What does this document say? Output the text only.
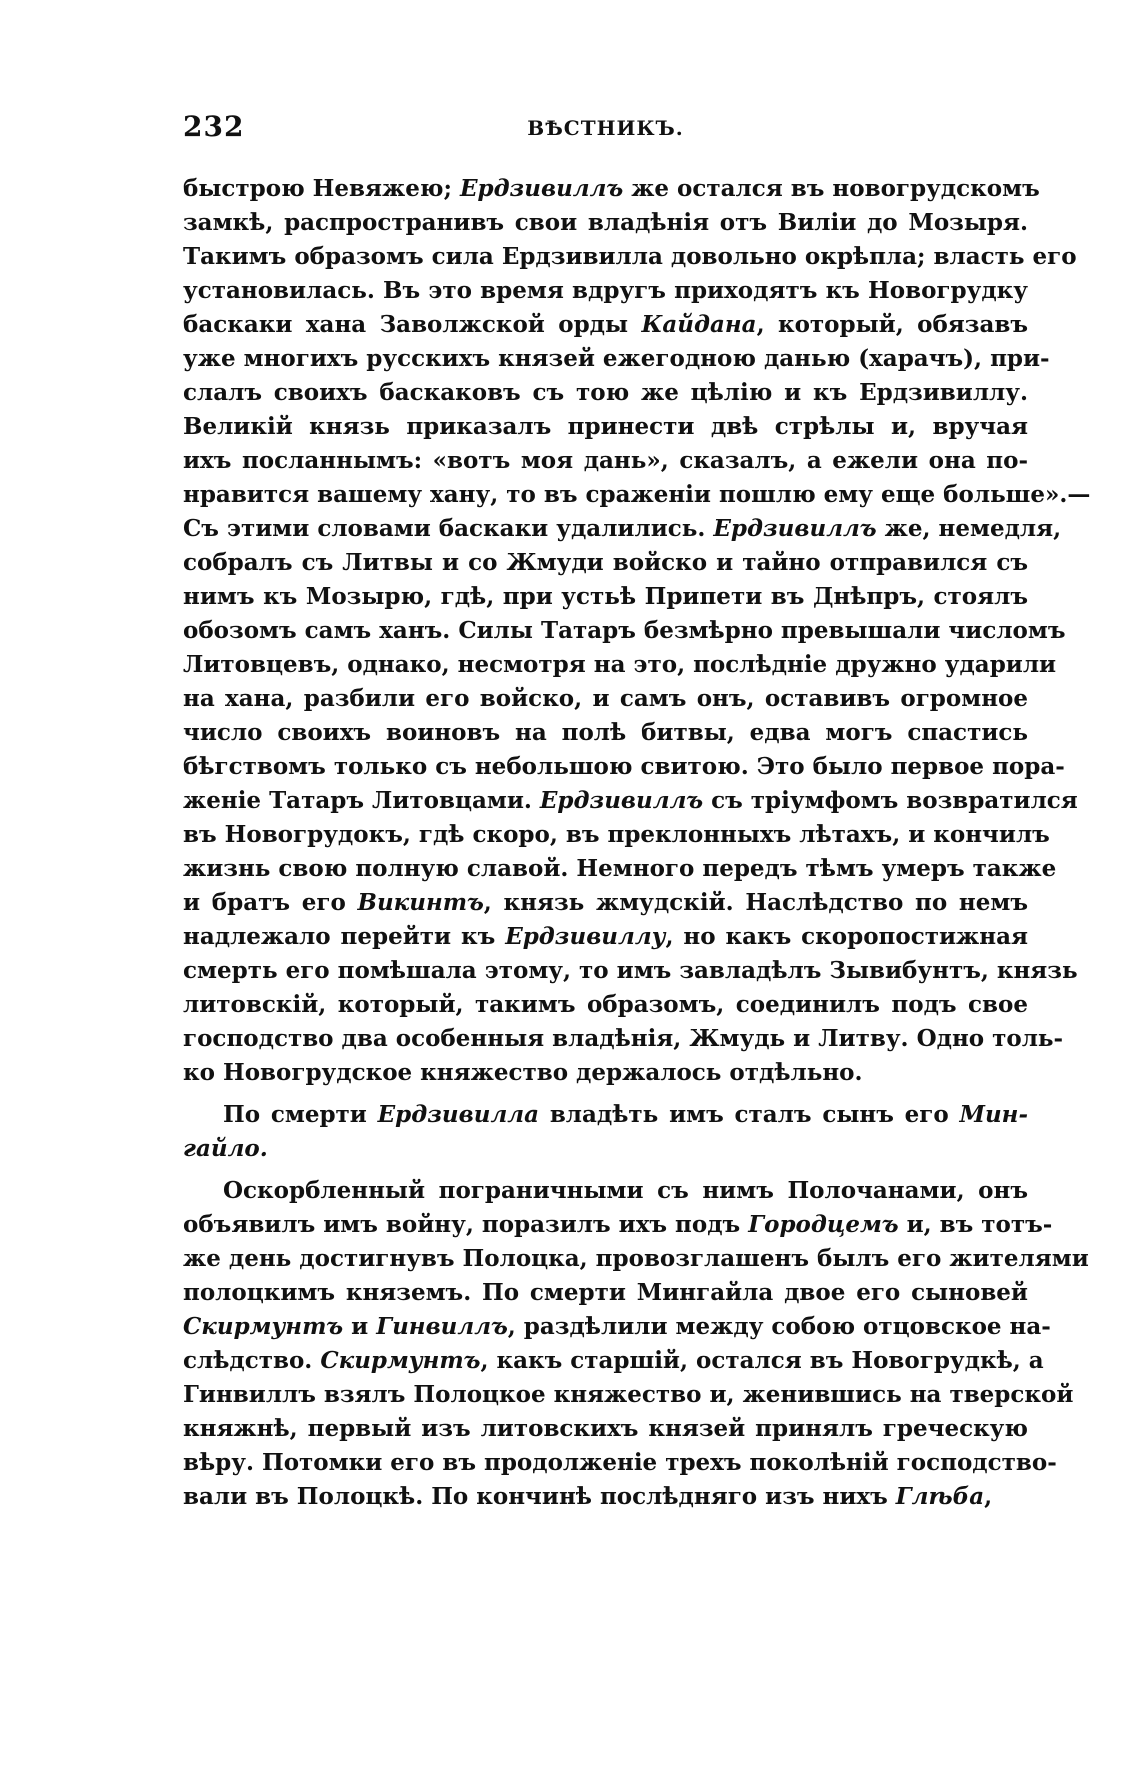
232	ВѢСТНИКЪ.
быстрою Невяжею; Ердзивиллъ же остался въ новогрудскомъ
замкѣ, распространивъ свои владѣнія отъ Виліи до Мозыря.
Такимъ образомъ сила Ердзивилла довольно окрѣпла; власть его
установилась. Въ это время вдругъ приходятъ къ Новогрудку
баскаки хана Заволжской орды Кайдана, который, обязавъ
уже многихъ русскихъ князей ежегодною данью (харачъ), при-
слалъ своихъ баскаковъ съ тою же цѣлію и къ Ердзивиллу.
Великій князь приказалъ принести двѣ стрѣлы и, вручая
ихъ посланнымъ: «вотъ моя дань», сказалъ, а ежели она по-
нравится вашему хану, то въ сраженіи пошлю ему еще больше».—
Съ этими словами баскаки удалились. Ердзивиллъ же, немедля,
собралъ съ Литвы и со Жмуди войско и тайно отправился съ
нимъ къ Мозырю, гдѣ, при устьѣ Припети въ Днѣпръ, стоялъ
обозомъ самъ ханъ. Силы Татаръ безмѣрно превышали числомъ
Литовцевъ, однако, несмотря на это, послѣдніе дружно ударили
на хана, разбили его войско, и самъ онъ, оставивъ огромное
число своихъ воиновъ на полѣ битвы, едва могъ спастись
бѣгствомъ только съ небольшою свитою. Это было первое пора-
женіе Татаръ Литовцами. Ердзивиллъ съ тріумфомъ возвратился
въ Новогрудокъ, гдѣ скоро, въ преклонныхъ лѣтахъ, и кончилъ
жизнь свою полную славой. Немного передъ тѣмъ умеръ также
и братъ его Викинтъ, князь жмудскій. Наслѣдство по немъ
надлежало перейти къ Ердзивиллу, но какъ скоропостижная
смерть его помѣшала этому, то имъ завладѣлъ Зывибунтъ, князь
литовскій, который, такимъ образомъ, соединилъ подъ свое
господство два особенныя владѣнія, Жмудь и Литву. Одно толь-
ко Новогрудское княжество держалось отдѣльно.
По смерти Ердзивилла владѣть имъ сталъ сынъ его Мин-
гайло.
Оскорбленный пограничными съ нимъ Полочанами, онъ
объявилъ имъ войну, поразилъ ихъ подъ Городцемъ и, въ тотъ-
же день достигнувъ Полоцка, провозглашенъ былъ его жителями
полоцкимъ княземъ. По смерти Мингайла двое его сыновей
Скирмунтъ и Гинвиллъ, раздѣлили между собою отцовское на-
слѣдство. Скирмунтъ, какъ старшій, остался въ Новогрудкѣ, а
Гинвиллъ взялъ Полоцкое княжество и, женившись на тверской
княжнѣ, первый изъ литовскихъ князей принялъ греческую
вѣру. Потомки его въ продолженіе трехъ поколѣній господство-
вали въ Полоцкѣ. По кончинѣ послѣдняго изъ нихъ Глѣба,
